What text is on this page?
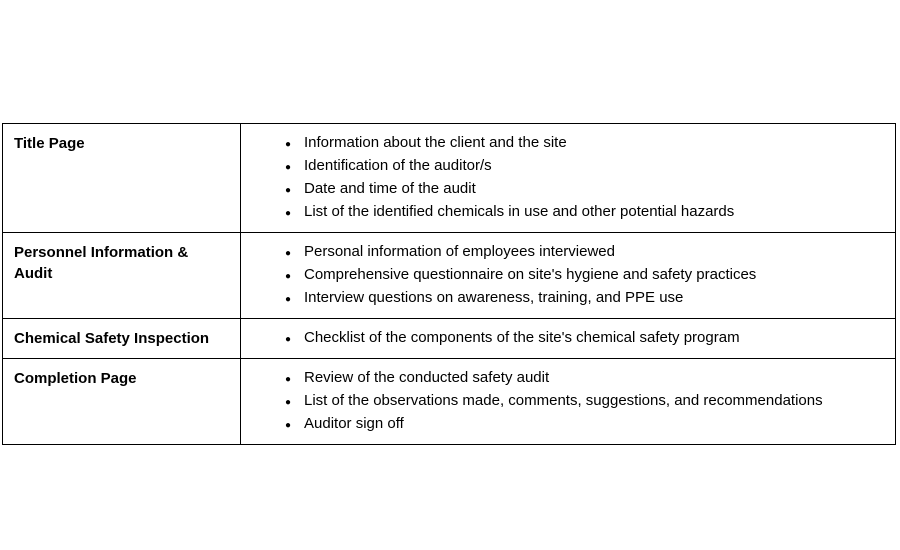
Title Page	● Information about the client and the site
● Identification of the auditor/s
● Date and time of the audit
● List of the identified chemicals in use and other potential hazards

Personnel Information & Audit	
● Personal information of employees interviewed
● Comprehensive questionnaire on site's hygiene and safety practices
● Interview questions on awareness, training, and PPE use

Chemical Safety Inspection	● Checklist of the components of the site's chemical safety program

Completion Page	● Review of the conducted safety audit
● List of the observations made, comments, suggestions, and recommendations
● Auditor sign off
